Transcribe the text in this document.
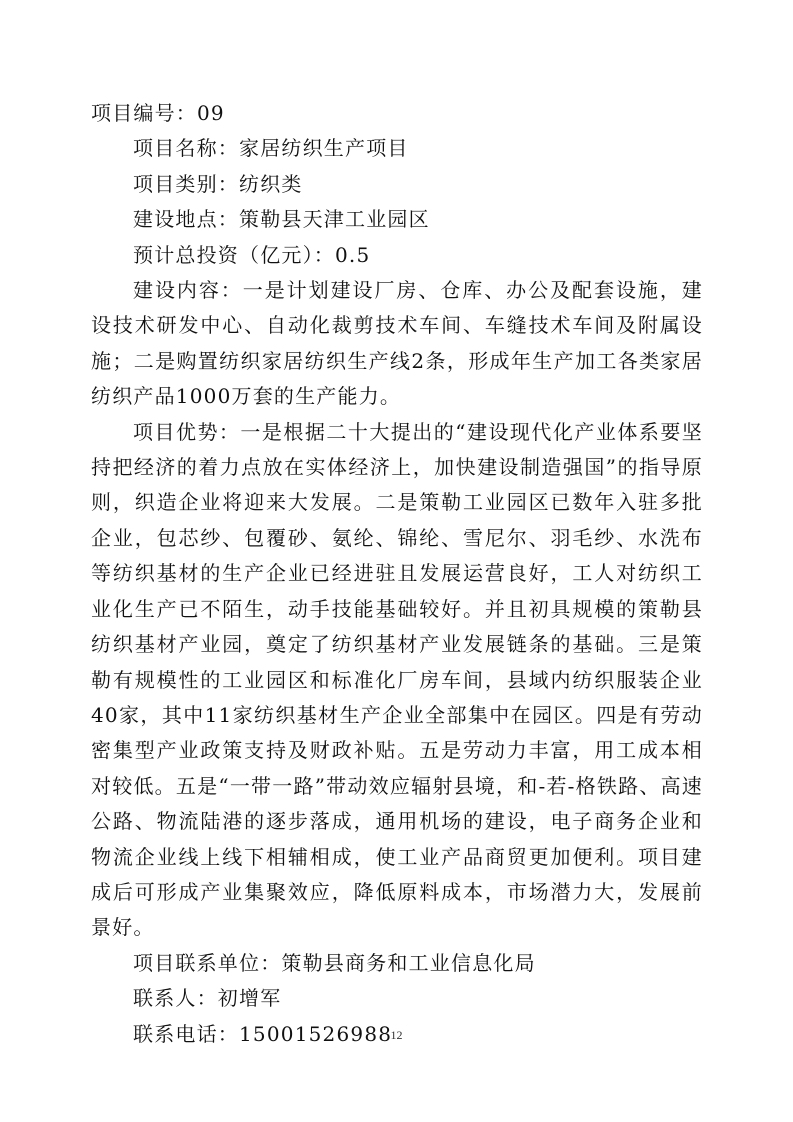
项目编号：09

项目名称：家居纺织生产项目

项目类别：纺织类

建设地点：策勒县天津工业园区

预计总投资（亿元）：0.5

建设内容：一是计划建设厂房、仓库、办公及配套设施，建设技术研发中心、自动化裁剪技术车间、车缝技术车间及附属设施；二是购置纺织家居纺织生产线2条，形成年生产加工各类家居纺织产品1000万套的生产能力。

项目优势：一是根据二十大提出的“建设现代化产业体系要坚持把经济的着力点放在实体经济上，加快建设制造强国”的指导原则，织造企业将迎来大发展。二是策勒工业园区已数年入驻多批企业，包芯纱、包覆砂、氨纶、锦纶、雪尼尔、羽毛纱、水洗布等纺织基材的生产企业已经进驻且发展运营良好，工人对纺织工业化生产已不陌生，动手技能基础较好。并且初具规模的策勒县纺织基材产业园，奠定了纺织基材产业发展链条的基础。三是策勒有规模性的工业园区和标准化厂房车间，县域内纺织服装企业40家，其中11家纺织基材生产企业全部集中在园区。四是有劳动密集型产业政策支持及财政补贴。五是劳动力丰富，用工成本相对较低。五是“一带一路”带动效应辐射县境，和-若-格铁路、高速公路、物流陆港的逐步落成，通用机场的建设，电子商务企业和物流企业线上线下相辅相成，使工业产品商贸更加便利。项目建成后可形成产业集聚效应，降低原料成本，市场潜力大，发展前景好。

项目联系单位：策勒县商务和工业信息化局

联系人：初增军

联系电话：15001526988

12
